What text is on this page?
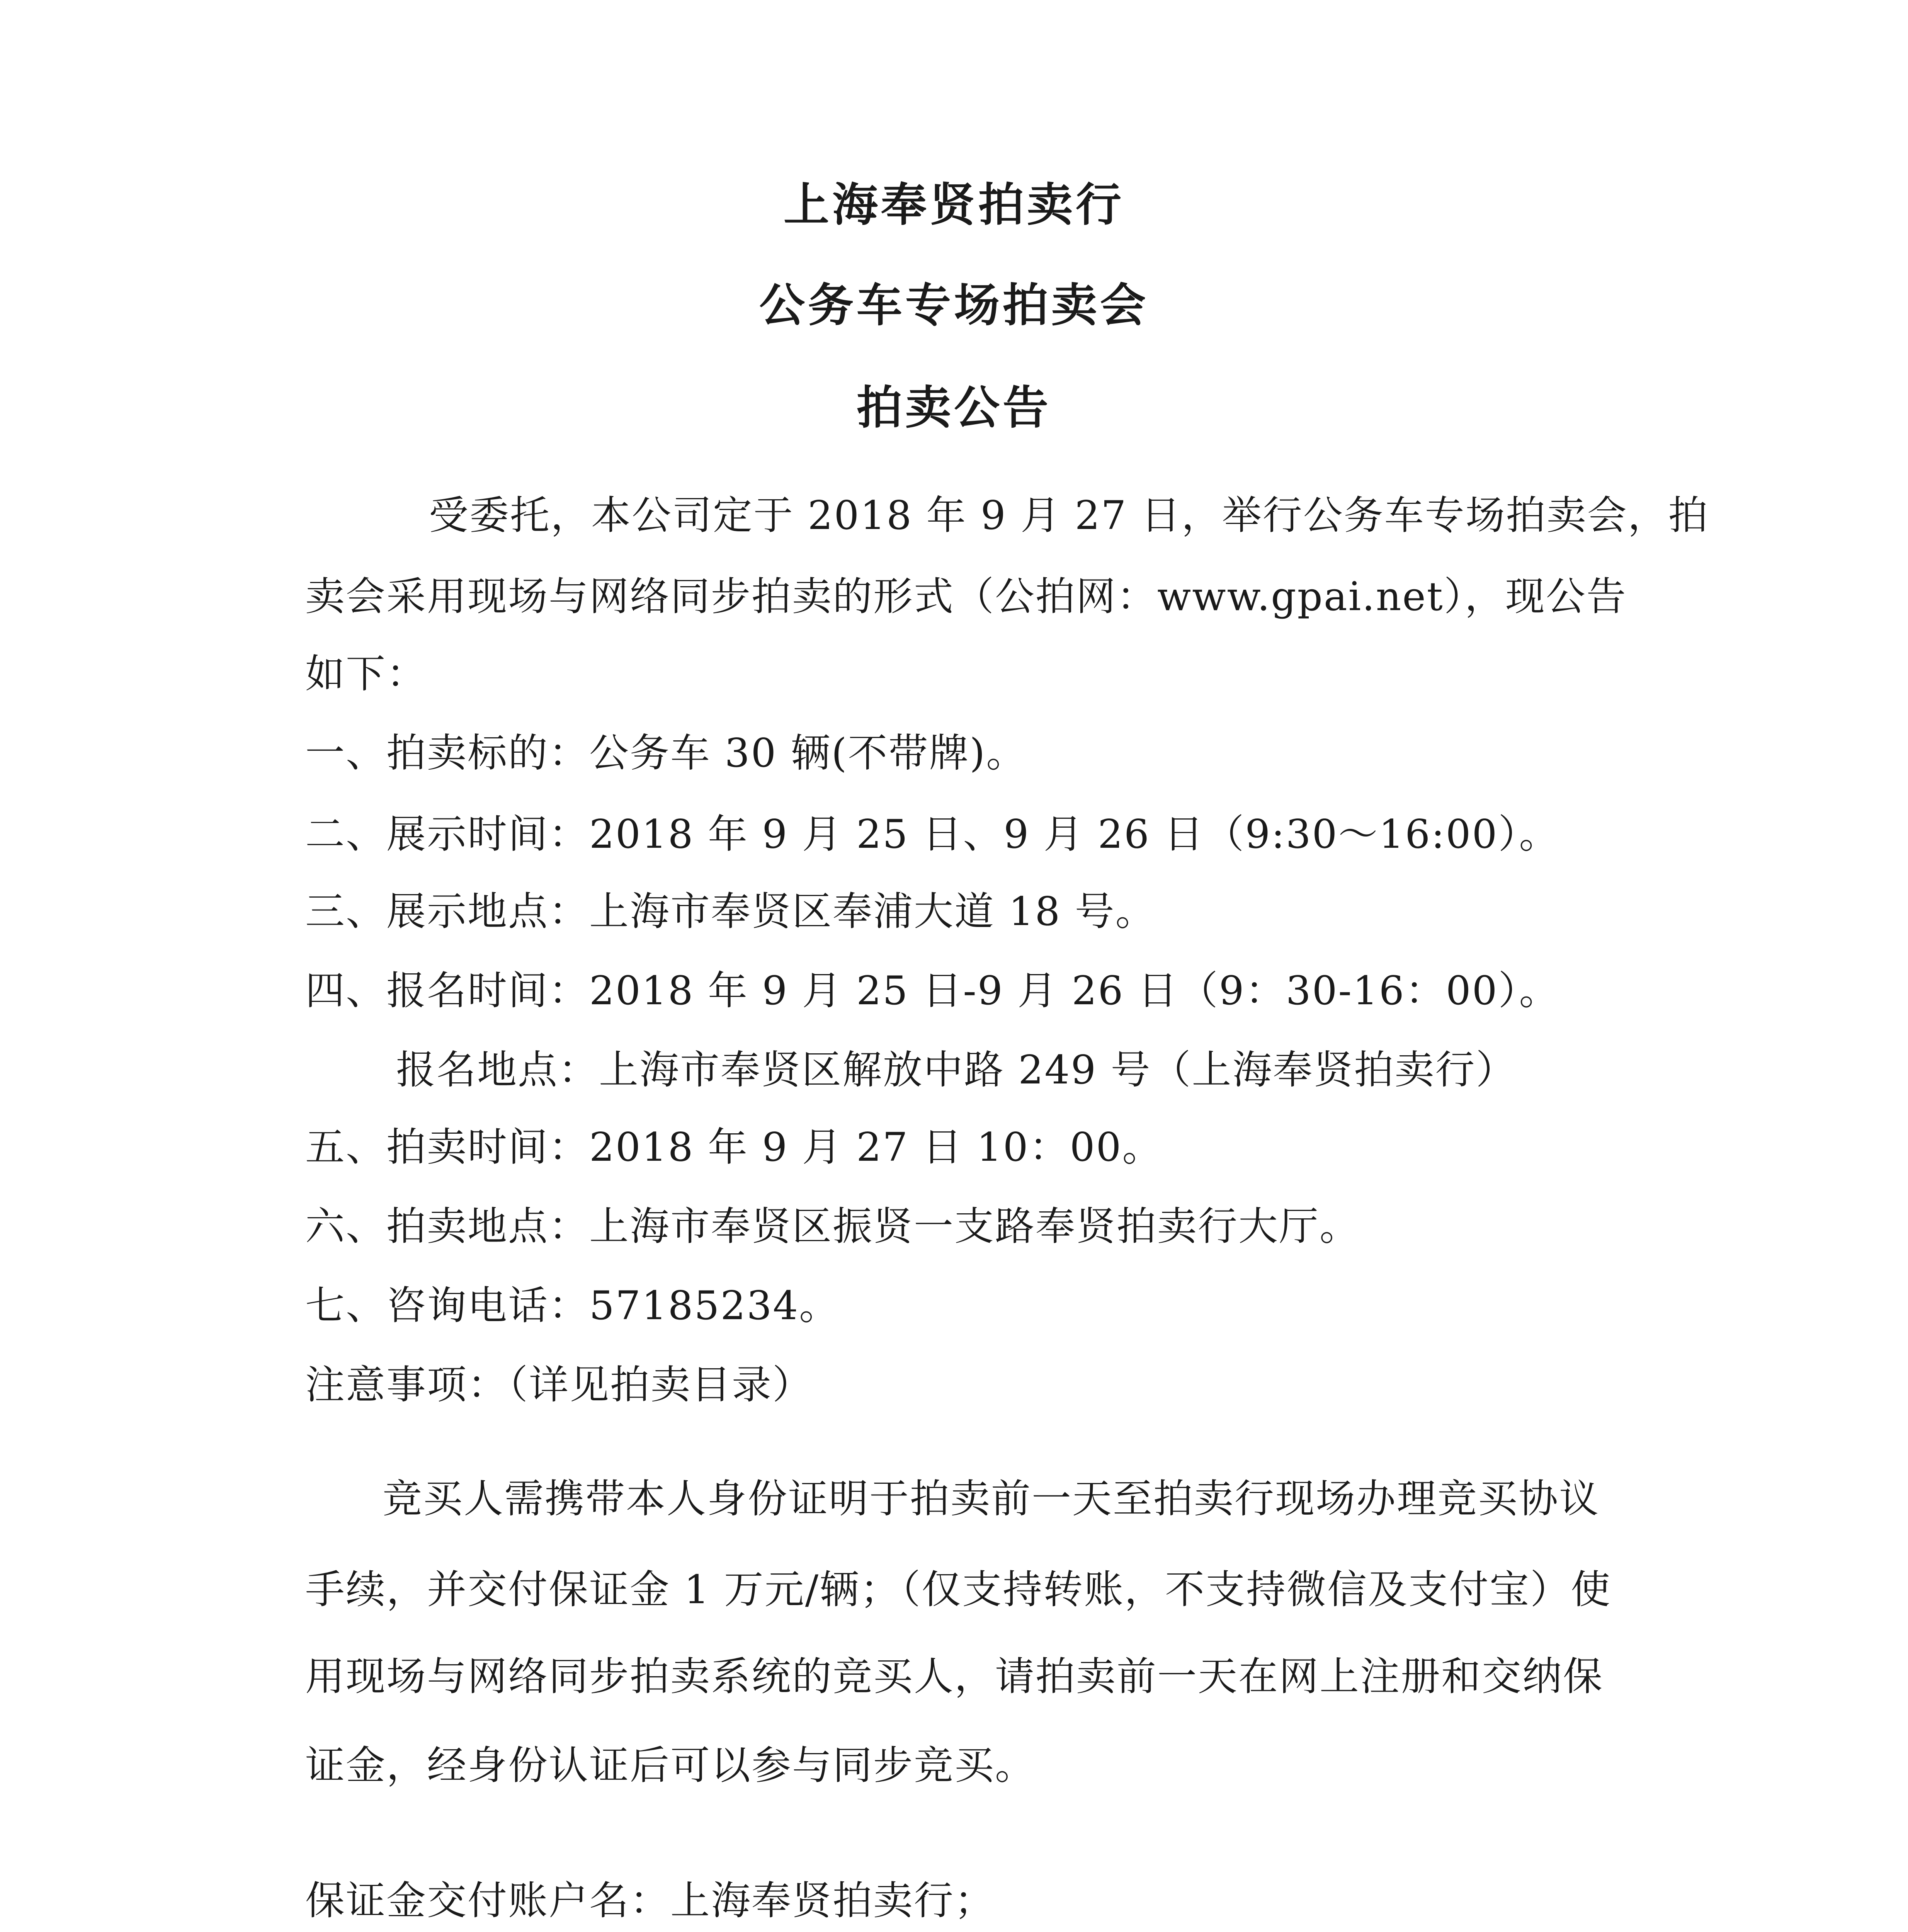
上海奉贤拍卖行
公务车专场拍卖会
拍卖公告
受委托，本公司定于 2018 年 9 月 27 日，举行公务车专场拍卖会，拍
卖会采用现场与网络同步拍卖的形式（公拍网：www.gpai.net），现公告
如下：
一、拍卖标的：公务车 30 辆(不带牌)。
二、展示时间：2018 年 9 月 25 日、9 月 26 日（9:30～16:00）。
三、展示地点：上海市奉贤区奉浦大道 18 号。
四、报名时间：2018 年 9 月 25 日-9 月 26 日（9：30-16：00）。
报名地点：上海市奉贤区解放中路 249 号（上海奉贤拍卖行）
五、拍卖时间：2018 年 9 月 27 日 10：00。
六、拍卖地点：上海市奉贤区振贤一支路奉贤拍卖行大厅。
七、咨询电话：57185234。
注意事项：（详见拍卖目录）
竞买人需携带本人身份证明于拍卖前一天至拍卖行现场办理竞买协议
手续，并交付保证金 1 万元/辆；（仅支持转账，不支持微信及支付宝）使
用现场与网络同步拍卖系统的竞买人，请拍卖前一天在网上注册和交纳保
证金，经身份认证后可以参与同步竞买。
保证金交付账户名：上海奉贤拍卖行；
